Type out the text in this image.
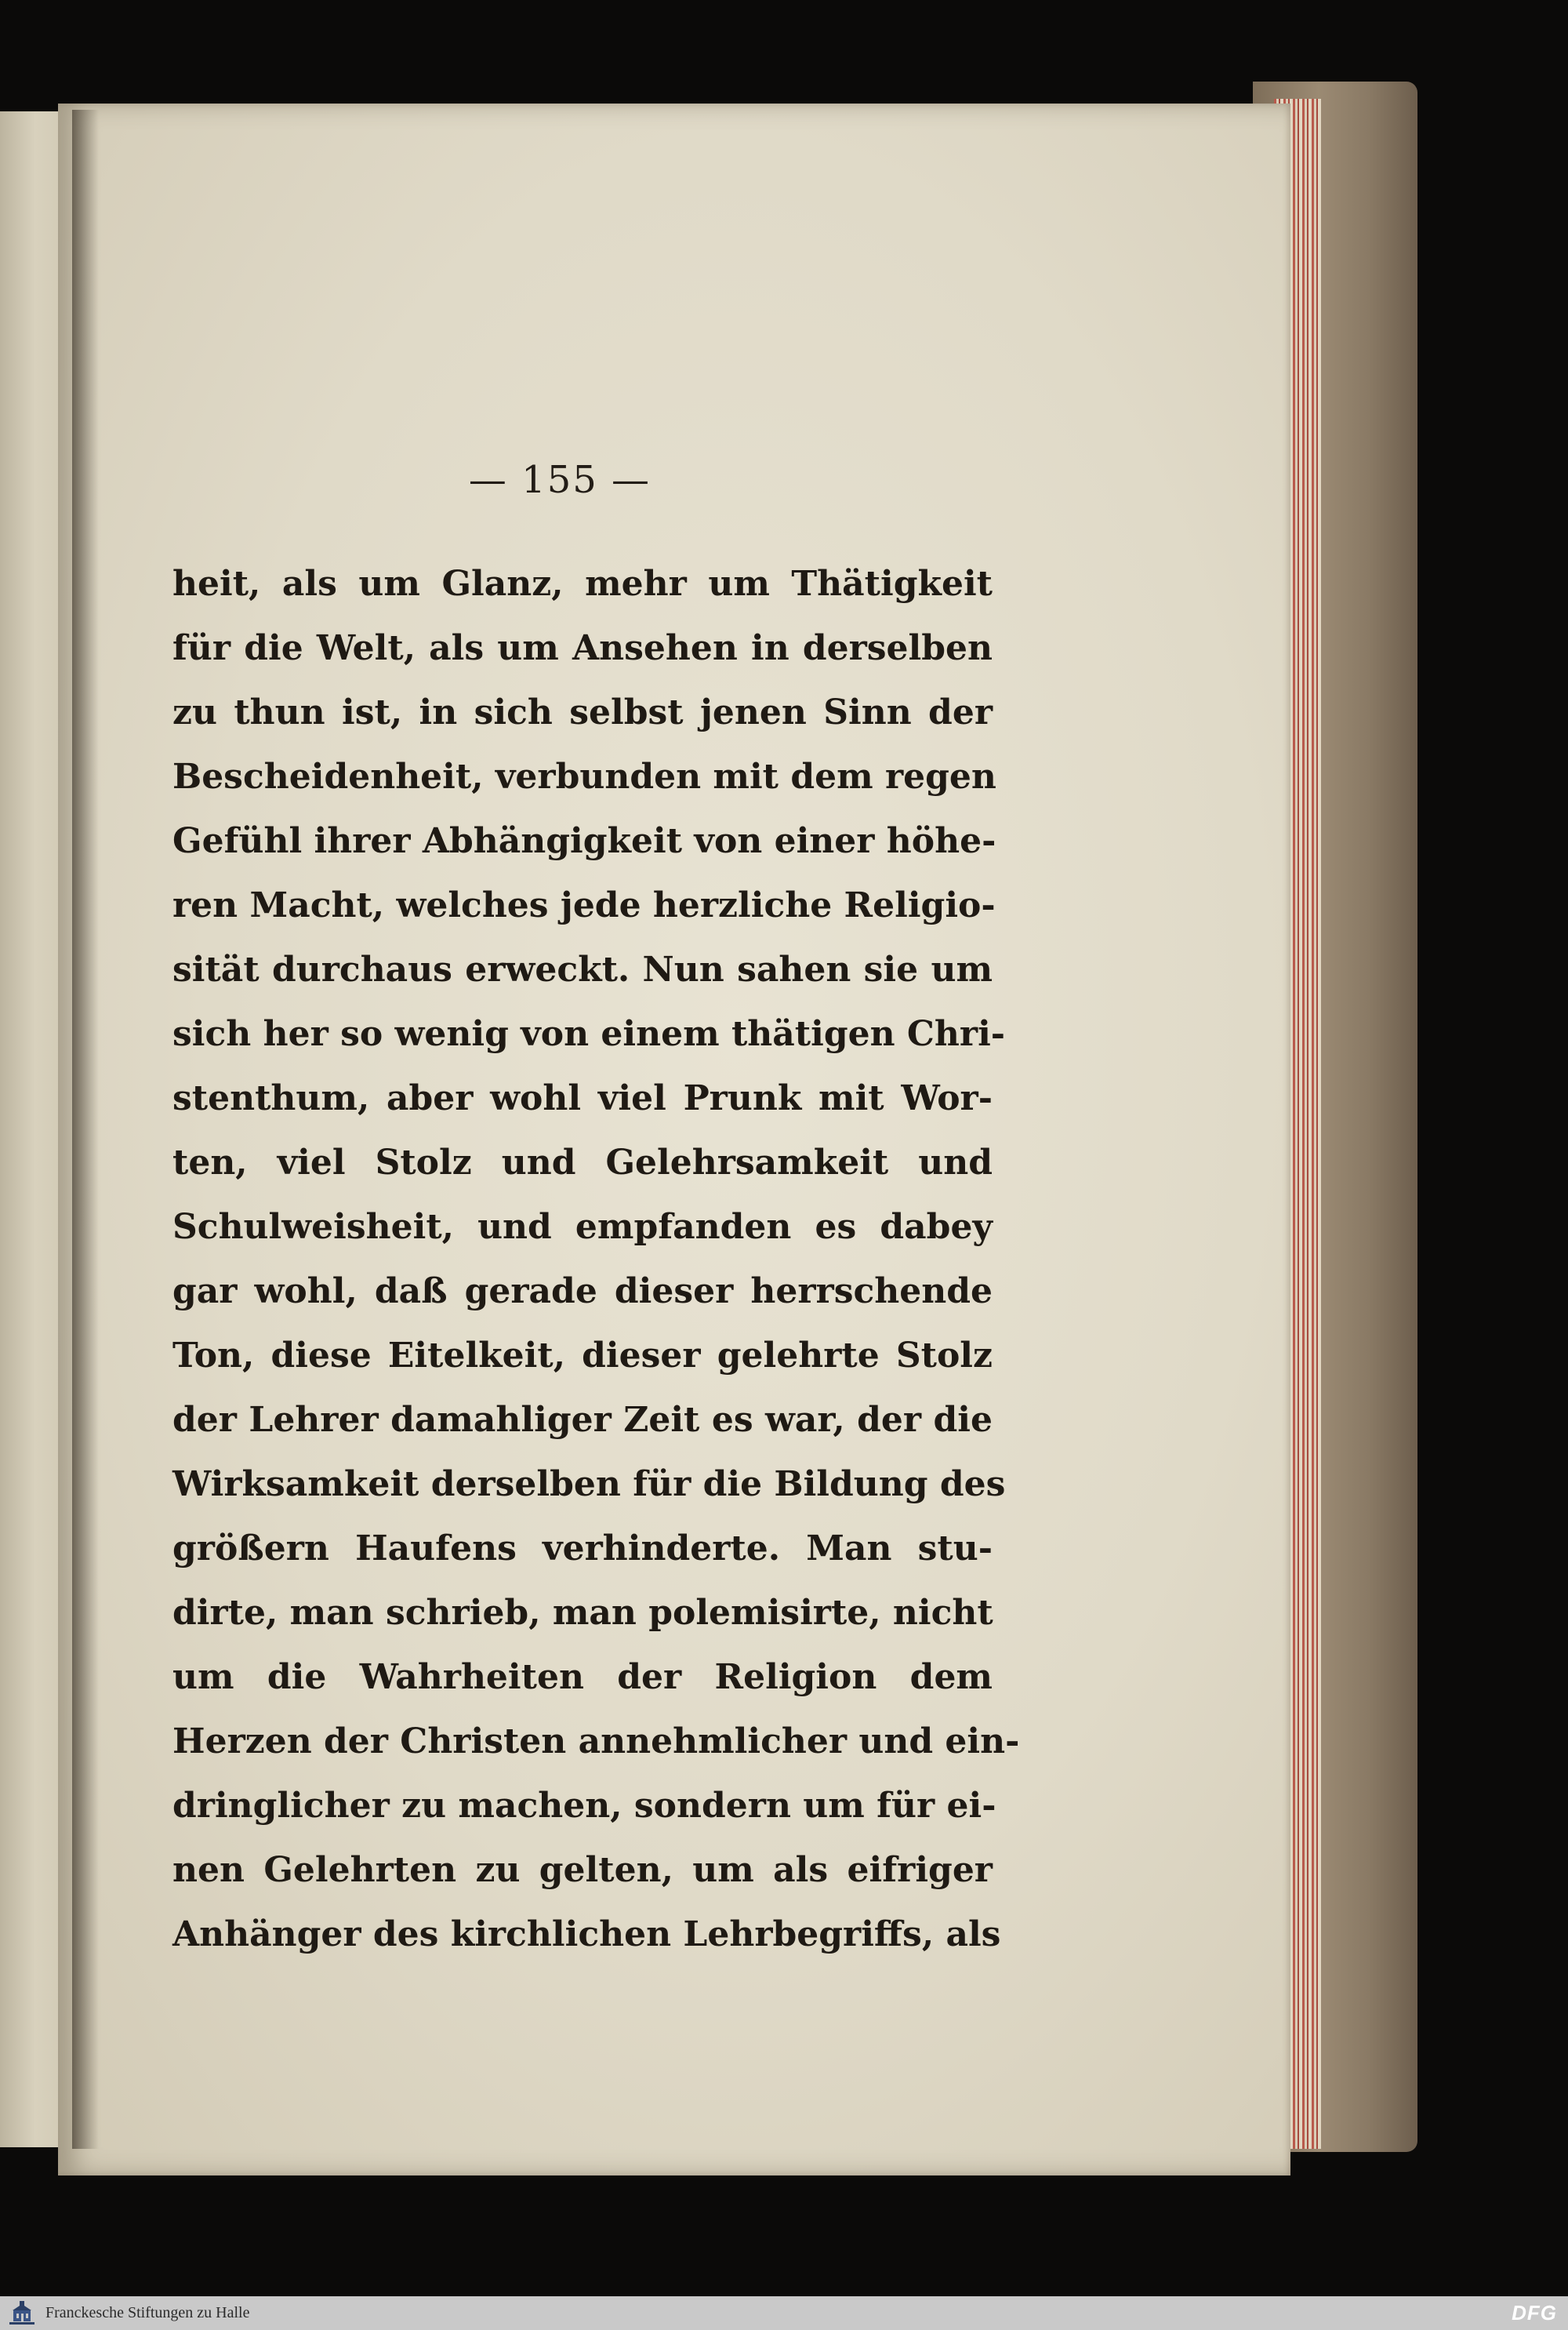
— 155 —
heit, als um Glanz, mehr um Thätigkeit
für die Welt, als um Ansehen in derselben
zu thun ist, in sich selbst jenen Sinn der
Bescheidenheit, verbunden mit dem regen
Gefühl ihrer Abhängigkeit von einer höhe-
ren Macht, welches jede herzliche Religio-
sität durchaus erweckt. Nun sahen sie um
sich her so wenig von einem thätigen Chri-
stenthum, aber wohl viel Prunk mit Wor-
ten, viel Stolz und Gelehrsamkeit und
Schulweisheit, und empfanden es dabey
gar wohl, daß gerade dieser herrschende
Ton, diese Eitelkeit, dieser gelehrte Stolz
der Lehrer damahliger Zeit es war, der die
Wirksamkeit derselben für die Bildung des
größern Haufens verhinderte. Man stu-
dirte, man schrieb, man polemisirte, nicht
um die Wahrheiten der Religion dem
Herzen der Christen annehmlicher und ein-
dringlicher zu machen, sondern um für ei-
nen Gelehrten zu gelten, um als eifriger
Anhänger des kirchlichen Lehrbegriffs, als
Franckesche Stiftungen zu Halle	DFG
